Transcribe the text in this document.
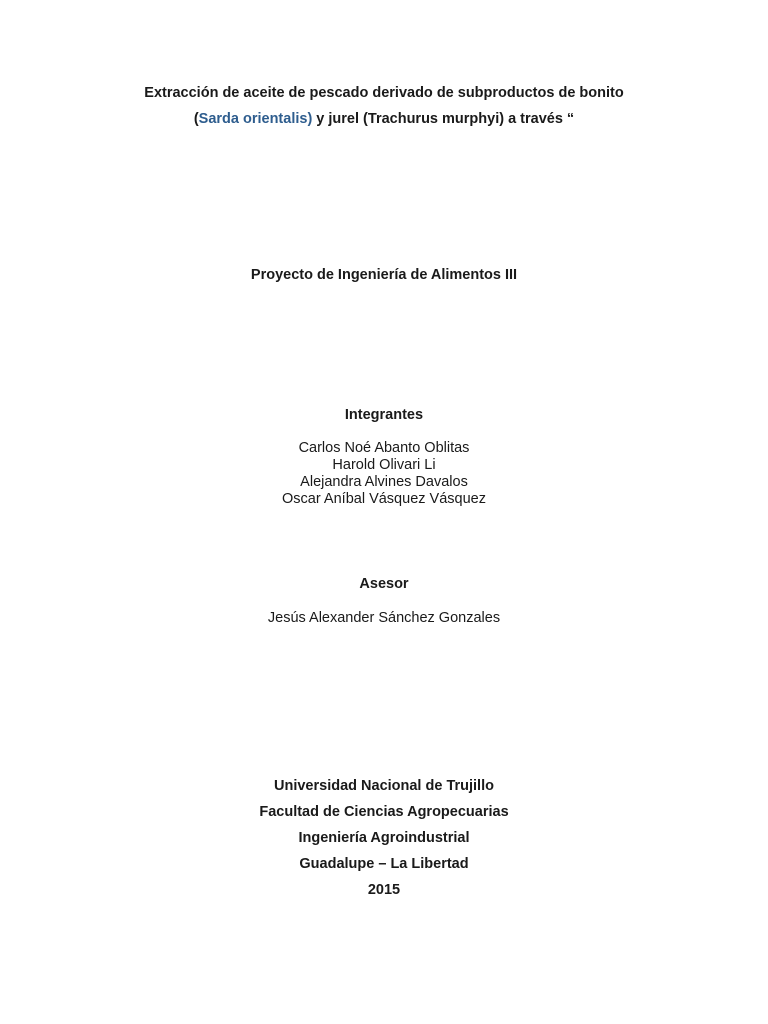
Extracción de aceite de pescado derivado de subproductos de bonito
(Sarda orientalis) y jurel (Trachurus murphyi) a través “
Proyecto de Ingeniería de Alimentos III
Integrantes
Carlos Noé Abanto Oblitas
Harold Olivari Li
Alejandra Alvines Davalos
Oscar Aníbal Vásquez Vásquez
Asesor
Jesús Alexander Sánchez Gonzales
Universidad Nacional de Trujillo
Facultad de Ciencias Agropecuarias
Ingeniería Agroindustrial
Guadalupe – La Libertad
2015
